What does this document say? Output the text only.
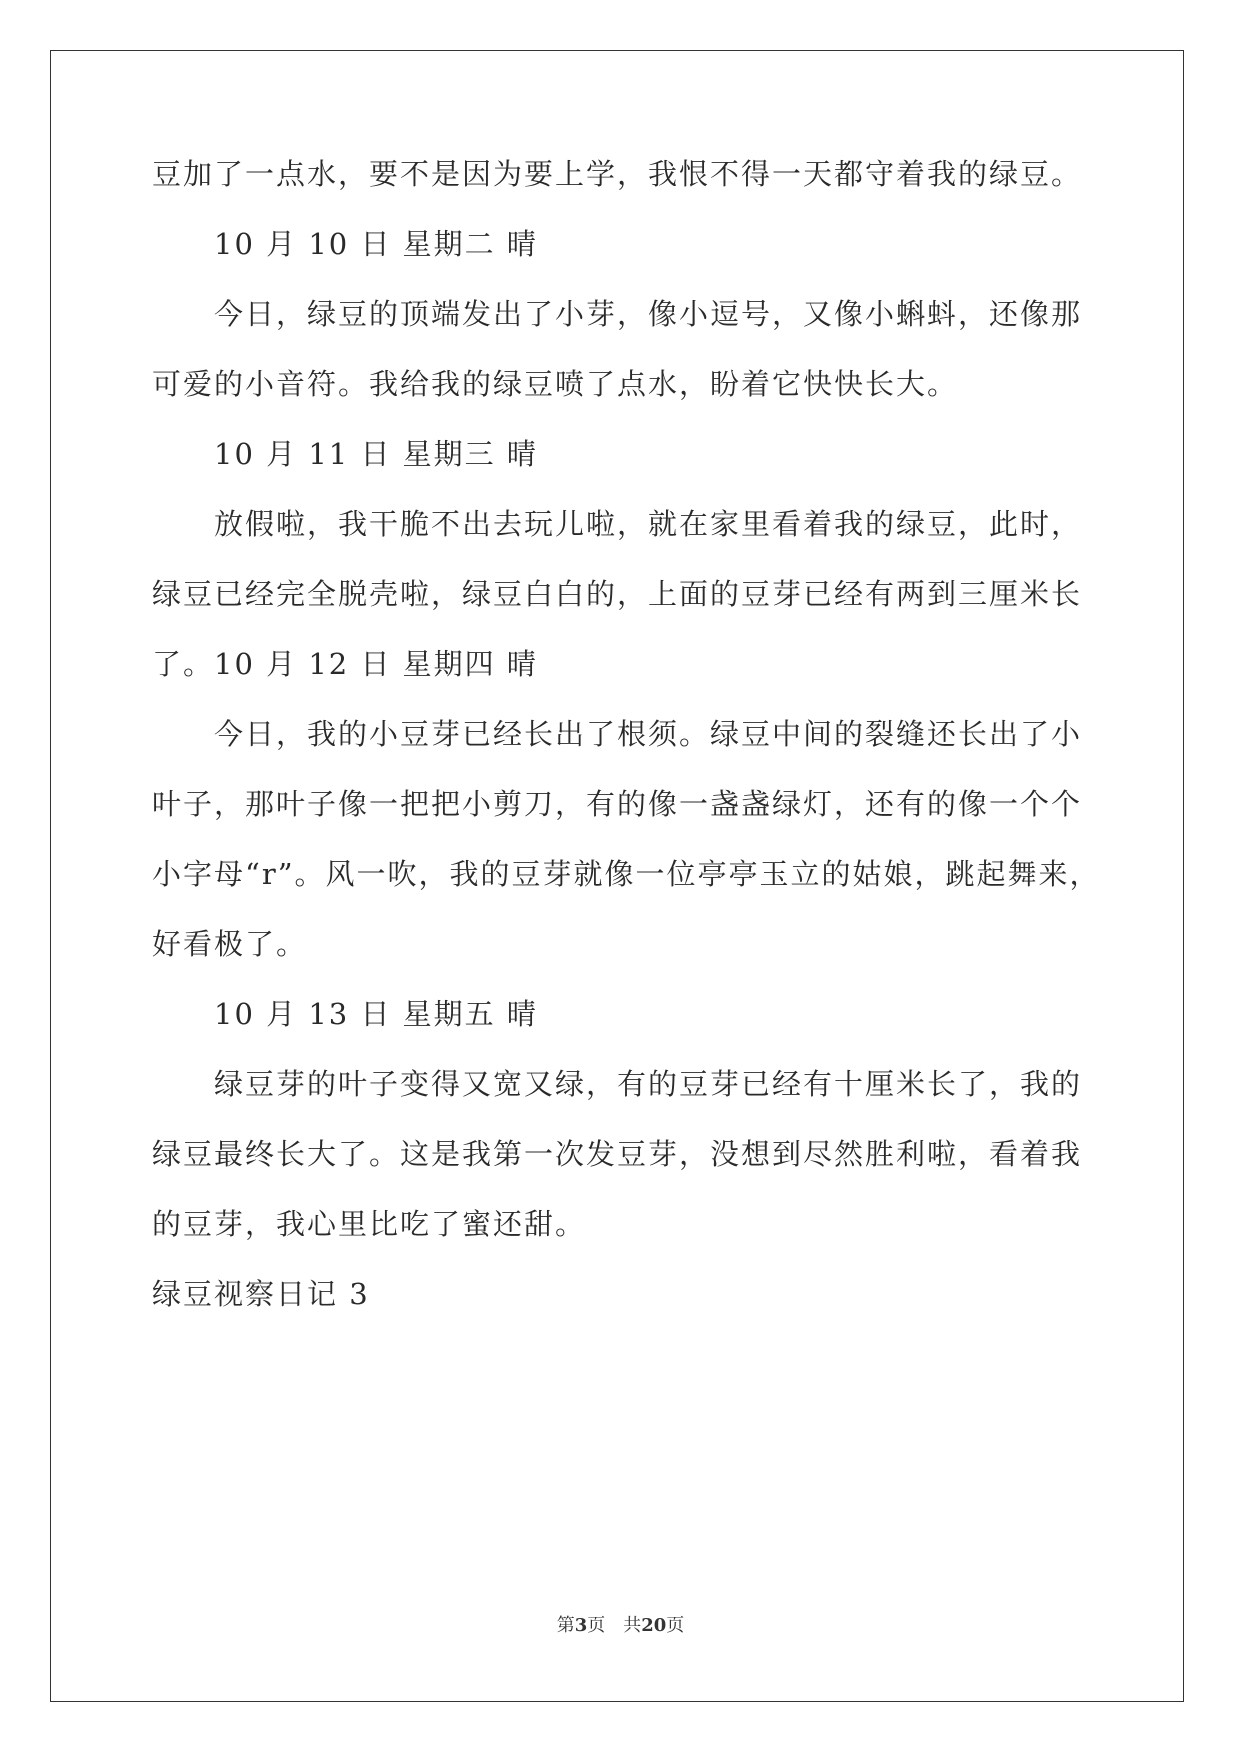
豆加了一点水，要不是因为要上学，我恨不得一天都守着我的绿豆。
10 月 10 日 星期二 晴
今日，绿豆的顶端发出了小芽，像小逗号，又像小蝌蚪，还像那
可爱的小音符。我给我的绿豆喷了点水，盼着它快快长大。
10 月 11 日 星期三 晴
放假啦，我干脆不出去玩儿啦，就在家里看着我的绿豆，此时，
绿豆已经完全脱壳啦，绿豆白白的，上面的豆芽已经有两到三厘米长
了。10 月 12 日 星期四 晴
今日，我的小豆芽已经长出了根须。绿豆中间的裂缝还长出了小
叶子，那叶子像一把把小剪刀，有的像一盏盏绿灯，还有的像一个个
小字母“r”。风一吹，我的豆芽就像一位亭亭玉立的姑娘，跳起舞来，
好看极了。
10 月 13 日 星期五 晴
绿豆芽的叶子变得又宽又绿，有的豆芽已经有十厘米长了，我的
绿豆最终长大了。这是我第一次发豆芽，没想到尽然胜利啦，看着我
的豆芽，我心里比吃了蜜还甜。
绿豆视察日记 3
第3页 共20页
